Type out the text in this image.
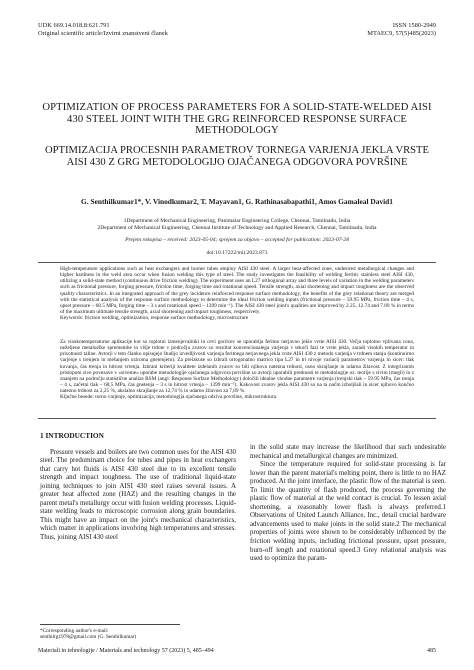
UDK 669.14.018.8:621.791
Original scientific article/Izvirni znanstveni članek
ISSN 1580-2949
MTAEC9, 57(5)485(2023)
OPTIMIZATION OF PROCESS PARAMETERS FOR A SOLID-STATE-WELDED AISI 430 STEEL JOINT WITH THE GRG REINFORCED RESPONSE SURFACE METHODOLOGY
OPTIMIZACIJA PROCESNIH PARAMETROV TORNEGA VARJENJA JEKLA VRSTE AISI 430 Z GRG METODOLOGIJO OJAČANEGA ODGOVORA POVRŠINE
G. Senthilkumar1*, V. Vinodkumar2, T. Mayavan1, G. Rathinasabapathi1, Amos Gamaleal David1
1Department of Mechanical Engineering, Panimalar Engineering College, Chennai, Tamilnadu, India
2Department of Mechanical Engineering, Chennai Institute of Technology and Applied Research, Chennai, Tamilnadu, India
Prejem rokopisa – received: 2023-05-04; sprejem za objavo – accepted for publication: 2023-07-28
doi:10.17222/mit.2023.873
High-temperature applications such as heat exchangers and burner tubes employ AISI 430 steel. A larger heat-affected zone, undesired metallurgical changes and higher hardness in the weld area occur when fusion welding this type of steel. The study investigates the feasibility of welding ferritic stainless steel AISI 430, utilizing a solid-state method (continuous drive friction welding). The experiment uses an L27 orthogonal array and three levels of variation in the welding parameters such as frictional pressure, forging pressure, friction time, forging time and rotational speed. Tensile strength, axial shortening and impact toughness are the observed quality characteristics. In an integrated approach of the grey incidence reinforced response surface methodology, the benefits of the grey relational theory are merged with the statistical analysis of the response surface methodology to determine the ideal friction welding inputs (frictional pressure – 59.95 MPa, friction time – 4 s, upset pressure – 68.5 MPa, forging time – 3 s and rotational speed – 1399 min⁻¹). The AISI 430 steel joint's qualities are improved by 2.25, 12.74 and 7.89 % in terms of the maximum ultimate tensile strength, axial shortening and impact toughness, respectively.
Keywords: friction welding, optimization, response surface methodology, microstructure
Za visokotemperaturne aplikacije kot so toplotni izmenjevalniki in cevi gorilcev se uporablja feritno nerjavno jeklo vrste AISI 430. Večja toplotno vplivana cona, neželjene metalurške spremembe in višje trdote v področju zvarov so rezultat konvencionalega varjenja v tekoči fazi te vrste jekla, zaradi visokih temperatur in prisotnosti taline. Avtorji v tem članku opisujejo študijo izvedljivosti varjenja feritnega nerjavnega jekla vrste AISI 430 z metodo varjenja v trdnem stanju (kontinuirno varjenje s trenjem in mešanjem oziroma gnetenjem). Za preizkuse so izbrali ortogonalno matrico tipa L27 in tri nivoje variacij parametrov varjenja in sicer: tlak kovanja, čas trenja in hitrost vrtenja. Izbrani kriteriji kvalitete izdelanih zvarov so bili njihova natezna trdnost, osno skrajšanje in udarna žilavost. Z integriranim pristopom sive povezave v »siveme« uporabe metodologije ojačanega odgovora površine so avtorji uporabili prednosti te metodologije oz. teorije s sivim (meglí) in z znanjem na področju statistične analize RSM (angl. Response Surface Methodology) določili idealne vhodne parametre varjenja (trenjski tlak – 59.95 MPa, čas trenja – 4 s, začetni tlak – 68,5 MPa, čas gnetenja – 3 s in hitrost vrtenja – 1399 min⁻¹). Kakovost zvarov jekla AISI 430 so na ta način izboljšali in sicer njihovo končno natezno trdnost za 2,25 %, aksialno skrajšanje za 12,74 % in udarno žilavost za 7,89 %.
Ključne besede: torno varjenje, optimizacija, metodologija ojačanega odziva površine, mikrostruktura.
1 INTRODUCTION

Pressure vessels and boilers are two common uses for the AISI 430 steel. The predominant choice for tubes and pipes in heat exchangers that carry hot fluids is AISI 430 steel due to its excellent tensile strength and impact toughness. The use of traditional liquid-state joining techniques to join AISI 430 steel raises several issues. A greater heat affected zone (HAZ) and the resulting changes in the parent metal's metallurgy occur with fusion welding processes. Liquid-state welding leads to microscopic corrosion along grain boundaries. This might have an impact on the joint's mechanical characteristics, which matter in applications involving high temperatures and stresses. Thus, joining AISI 430 steel

in the solid state may increase the likelihood that such undesirable mechanical and metallurgical changes are minimized.

Since the temperature required for solid-state processing is far lower than the parent material's melting point, there is little to no HAZ produced. At the joint interface, the plastic flow of the material is seen. To limit the quantity of flash produced, the process governing the plastic flow of material at the weld contact is crucial. To lessen axial shortening, a reasonably lower flash is always preferred.1 Observations of United Launch Alliance, Inc., detail crucial hardware advancements used to make joints in the solid state.2 The mechanical properties of joints were shown to be considerably influenced by the friction welding inputs, including frictional pressure, upset pressure, burn-off length and rotational speed.3 Grey relational analysis was used to optimize the param-

*Corresponding author's e-mail:
senthilrg1978@gmail.com (G. Senthilkumar)
Materiali in tehnologije / Materials and technology 57 (2023) 5, 485–494	485
